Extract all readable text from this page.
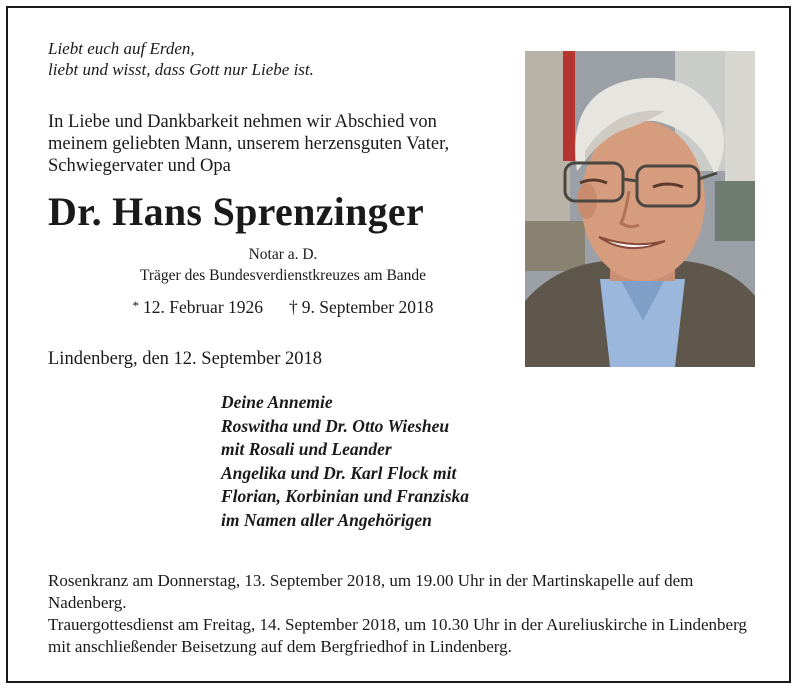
Liebt euch auf Erden,
liebt und wisst, dass Gott nur Liebe ist.
In Liebe und Dankbarkeit nehmen wir Abschied von
meinem geliebten Mann, unserem herzensguten Vater,
Schwiegervater und Opa
Dr. Hans Sprenzinger
Notar a. D.
Träger des Bundesverdienstkreuzes am Bande
* 12. Februar 1926 † 9. September 2018
Lindenberg, den 12. September 2018
Deine Annemie
Roswitha und Dr. Otto Wiesheu
mit Rosali und Leander
Angelika und Dr. Karl Flock mit
Florian, Korbinian und Franziska
im Namen aller Angehörigen

Rosenkranz am Donnerstag, 13. September 2018, um 19.00 Uhr in der Martinskapelle auf dem Nadenberg.

Trauergottesdienst am Freitag, 14. September 2018, um 10.30 Uhr in der Aureliuskirche in Lindenberg mit anschließender Beisetzung auf dem Bergfriedhof in Lindenberg.
